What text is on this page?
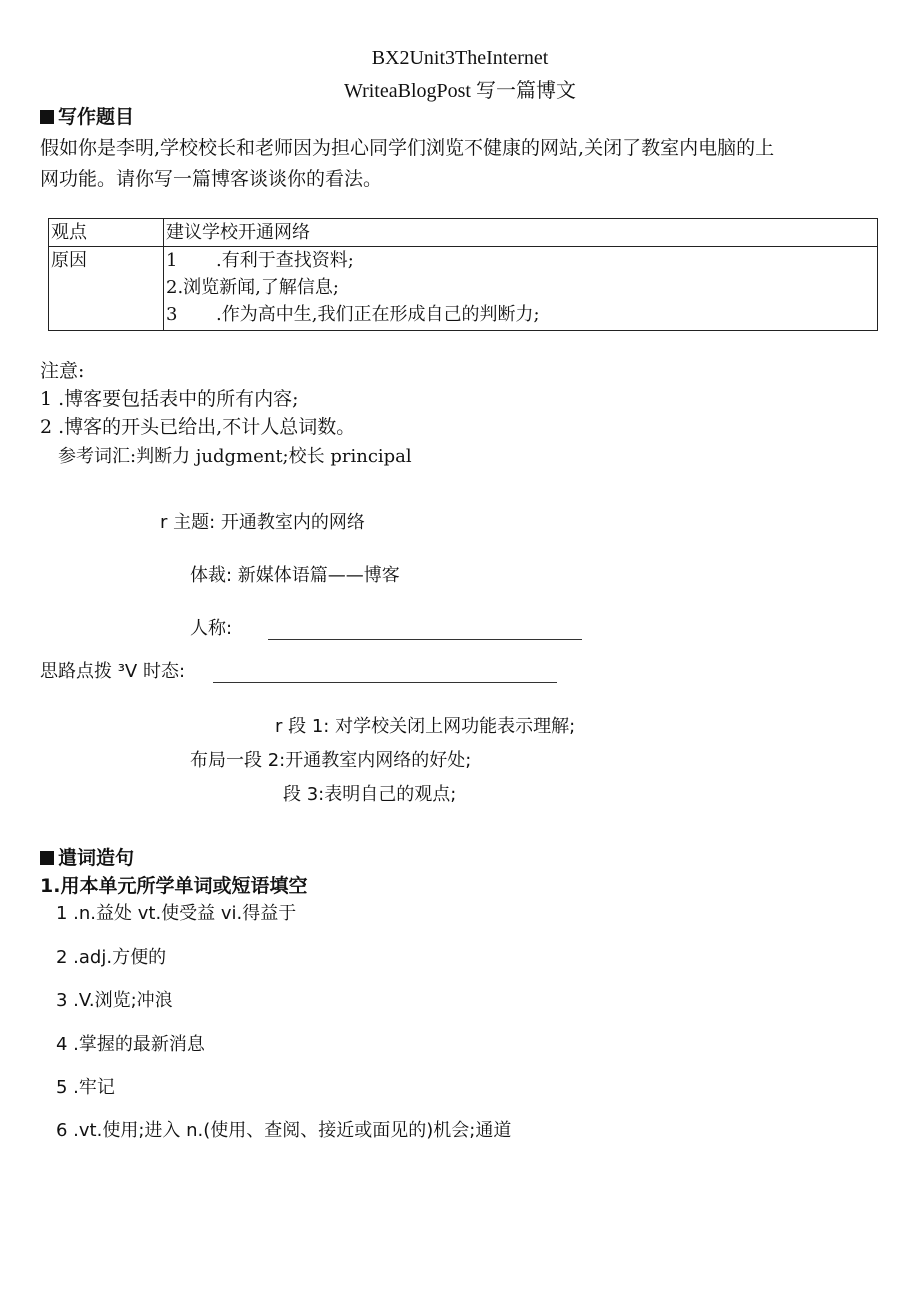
BX2Unit3TheInternet
WriteaBlogPost 写一篇博文
写作题目
假如你是李明,学校校长和老师因为担心同学们浏览不健康的网站,关闭了教室内电脑的上
网功能。请你写一篇博客谈谈你的看法。
观点	建议学校开通网络
原因	1 .有利于查找资料;
2.浏览新闻,了解信息;
3 .作为高中生,我们正在形成自己的判断力;
注意:
1 .博客要包括表中的所有内容;
2 .博客的开头已给出,不计人总词数。
参考词汇:判断力 judgment;校长 principal
r 主题: 开通教室内的网络
体裁: 新媒体语篇——博客
人称:
思路点拨 ³V 时态:
r 段 1: 对学校关闭上网功能表示理解;
布局一段 2:开通教室内网络的好处;
段 3:表明自己的观点;
遣词造句
1.用本单元所学单词或短语填空
1 .n.益处 vt.使受益 vi.得益于
2 .adj.方便的
3 .V.浏览;冲浪
4 .掌握的最新消息
5 .牢记
6 .vt.使用;进入 n.(使用、查阅、接近或面见的)机会;通道
